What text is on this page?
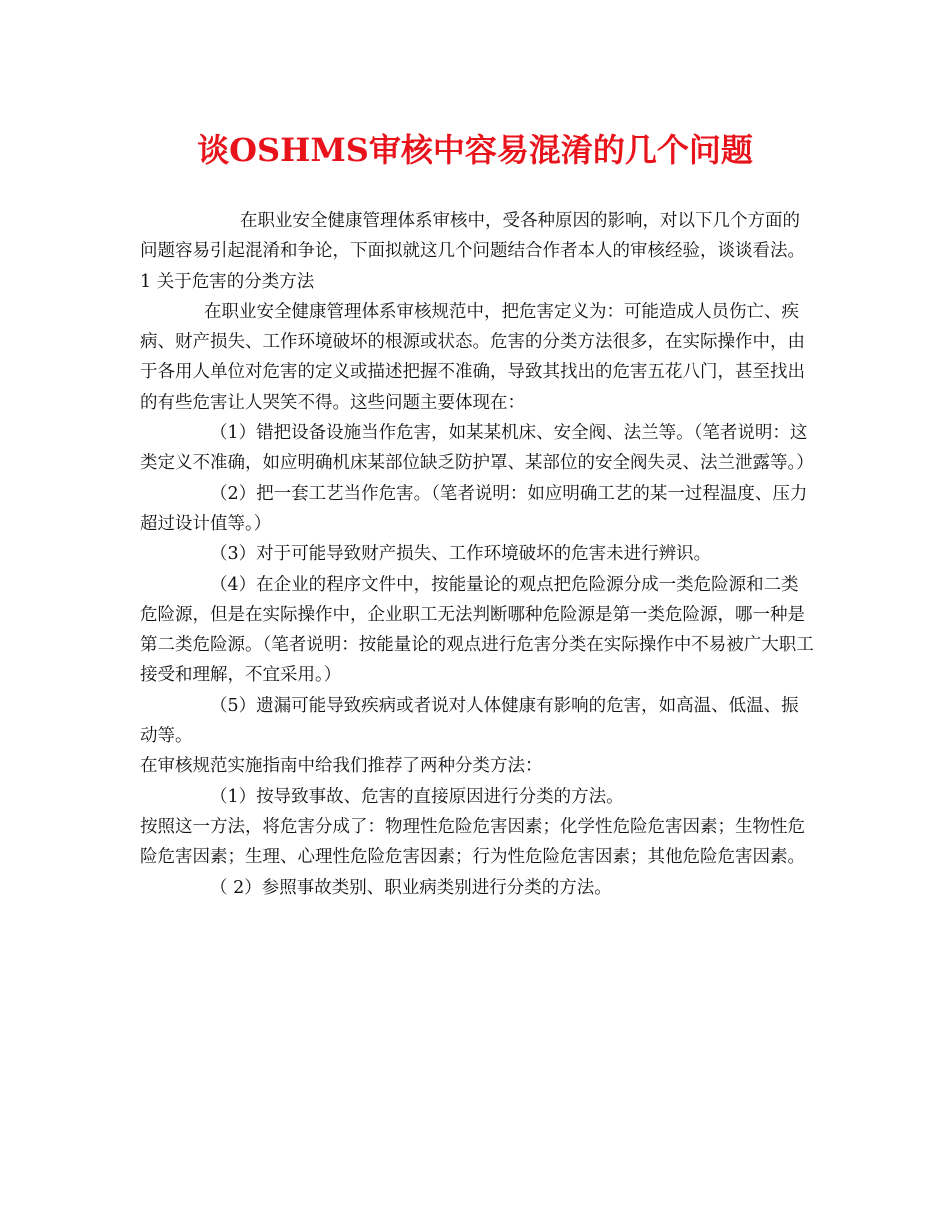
谈OSHMS审核中容易混淆的几个问题

在职业安全健康管理体系审核中，受各种原因的影响，对以下几个方面的问题容易引起混淆和争论，下面拟就这几个问题结合作者本人的审核经验，谈谈看法。

1 关于危害的分类方法

在职业安全健康管理体系审核规范中，把危害定义为：可能造成人员伤亡、疾病、财产损失、工作环境破坏的根源或状态。危害的分类方法很多，在实际操作中，由于各用人单位对危害的定义或描述把握不准确，导致其找出的危害五花八门，甚至找出的有些危害让人哭笑不得。这些问题主要体现在：

（1）错把设备设施当作危害，如某某机床、安全阀、法兰等。（笔者说明：这类定义不准确，如应明确机床某部位缺乏防护罩、某部位的安全阀失灵、法兰泄露等。）

（2）把一套工艺当作危害。（笔者说明：如应明确工艺的某一过程温度、压力超过设计值等。）

（3）对于可能导致财产损失、工作环境破坏的危害未进行辨识。

（4）在企业的程序文件中，按能量论的观点把危险源分成一类危险源和二类危险源，但是在实际操作中，企业职工无法判断哪种危险源是第一类危险源，哪一种是第二类危险源。（笔者说明：按能量论的观点进行危害分类在实际操作中不易被广大职工接受和理解，不宜采用。）

（5）遗漏可能导致疾病或者说对人体健康有影响的危害，如高温、低温、振动等。

在审核规范实施指南中给我们推荐了两种分类方法：

（1）按导致事故、危害的直接原因进行分类的方法。

按照这一方法，将危害分成了：物理性危险危害因素；化学性危险危害因素；生物性危险危害因素；生理、心理性危险危害因素；行为性危险危害因素；其他危险危害因素。

（ 2）参照事故类别、职业病类别进行分类的方法。
